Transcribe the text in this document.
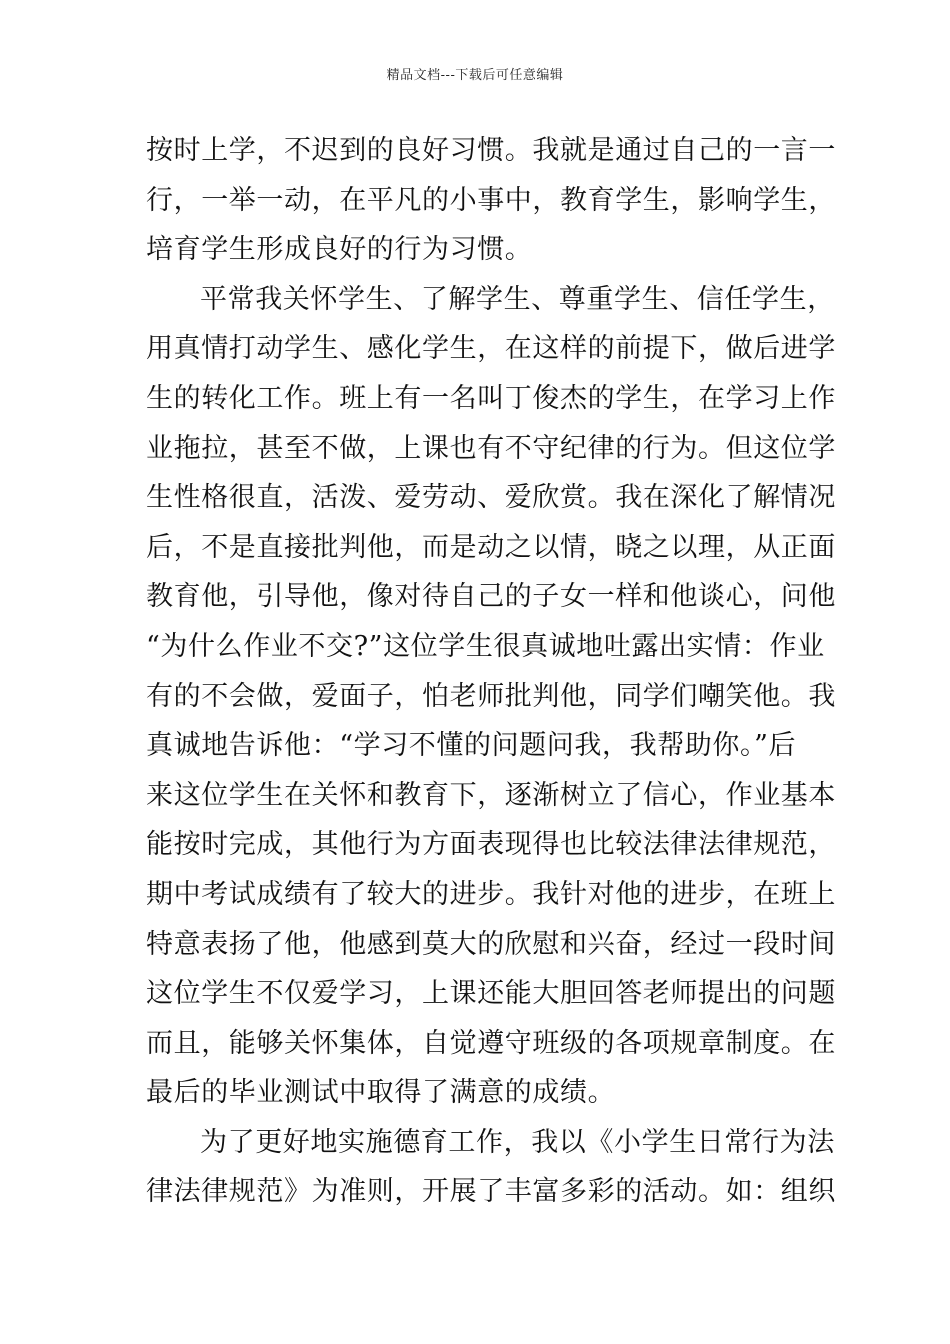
精品文档---下载后可任意编辑
按时上学，不迟到的良好习惯。我就是通过自己的一言一
行，一举一动，在平凡的小事中，教育学生，影响学生，
培育学生形成良好的行为习惯。
平常我关怀学生、了解学生、尊重学生、信任学生，
用真情打动学生、感化学生，在这样的前提下，做后进学
生的转化工作。班上有一名叫丁俊杰的学生，在学习上作
业拖拉，甚至不做，上课也有不守纪律的行为。但这位学
生性格很直，活泼、爱劳动、爱欣赏。我在深化了解情况
后，不是直接批判他，而是动之以情，晓之以理，从正面
教育他，引导他，像对待自己的子女一样和他谈心，问他
“为什么作业不交?”这位学生很真诚地吐露出实情：作业
有的不会做，爱面子，怕老师批判他，同学们嘲笑他。我
真诚地告诉他：“学习不懂的问题问我，我帮助你。”后
来这位学生在关怀和教育下，逐渐树立了信心，作业基本
能按时完成，其他行为方面表现得也比较法律法律规范，
期中考试成绩有了较大的进步。我针对他的进步，在班上
特意表扬了他，他感到莫大的欣慰和兴奋，经过一段时间
这位学生不仅爱学习，上课还能大胆回答老师提出的问题
而且，能够关怀集体，自觉遵守班级的各项规章制度。在
最后的毕业测试中取得了满意的成绩。
为了更好地实施德育工作，我以《小学生日常行为法
律法律规范》为准则，开展了丰富多彩的活动。如：组织
